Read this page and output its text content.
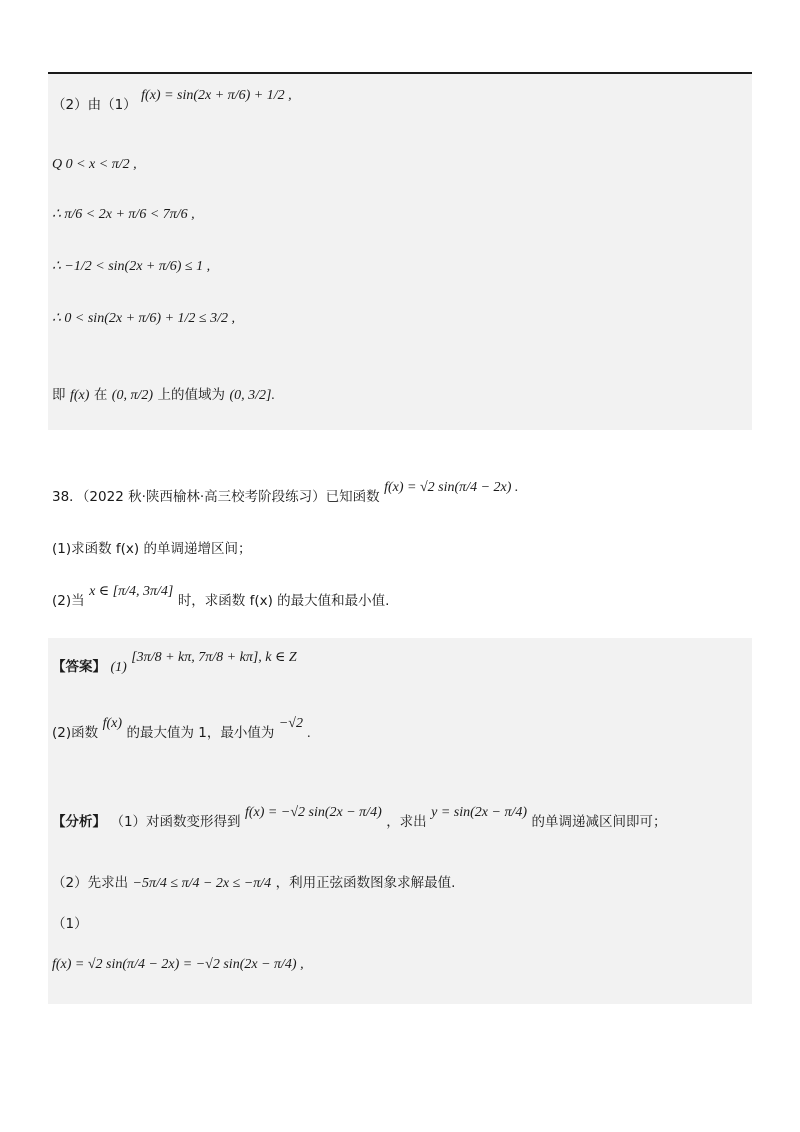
（2）由（1） f(x) = sin(2x + π/6) + 1/2 ,
Q 0 < x < π/2 ,
∴ π/6 < 2x + π/6 < 7π/6 ,
∴ −1/2 < sin(2x + π/6) ≤ 1 ,
∴ 0 < sin(2x + π/6) + 1/2 ≤ 3/2 ,
即 f(x) 在 (0, π/2) 上的值域为 (0, 3/2].
38．（2022 秋·陕西榆林·高三校考阶段练习）已知函数 f(x) = √2 sin(π/4 − 2x) .
(1)求函数 f(x) 的单调递增区间；
(2)当 x ∈ [π/4, 3π/4] 时，求函数 f(x) 的最大值和最小值.
【答案】 (1) [3π/8 + kπ, 7π/8 + kπ], k ∈ Z
(2)函数 f(x) 的最大值为 1，最小值为 −√2 .
【分析】 （1）对函数变形得到 f(x) = −√2 sin(2x − π/4) ，求出 y = sin(2x − π/4) 的单调递减区间即可；
（2）先求出 −5π/4 ≤ π/4 − 2x ≤ −π/4 ，利用正弦函数图象求解最值.
（1）
f(x) = √2 sin(π/4 − 2x) = −√2 sin(2x − π/4) ,
